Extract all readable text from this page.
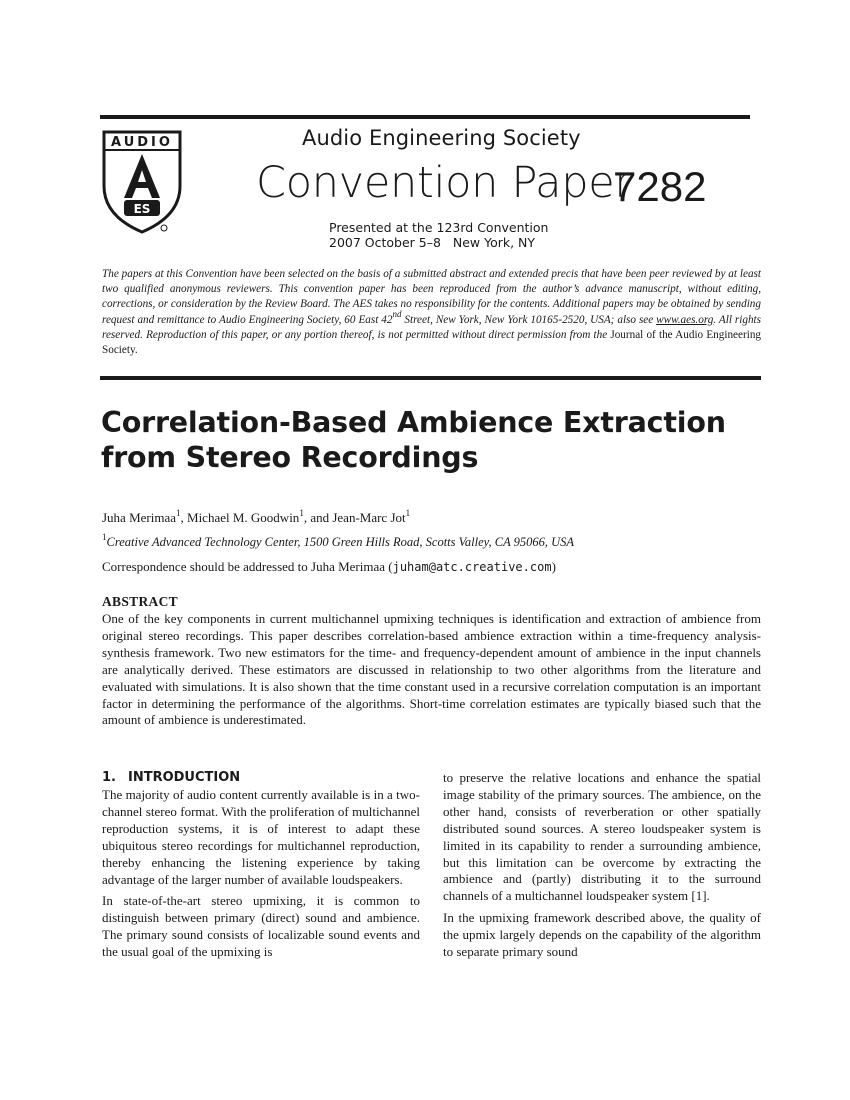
AUDIO
ES
Audio Engineering Society
Convention Paper
7282
Presented at the 123rd Convention
2007 October 5–8   New York, NY
The papers at this Convention have been selected on the basis of a submitted abstract and extended precis that have been peer reviewed by at least two qualified anonymous reviewers. This convention paper has been reproduced from the author’s advance manuscript, without editing, corrections, or consideration by the Review Board. The AES takes no responsibility for the contents. Additional papers may be obtained by sending request and remittance to Audio Engineering Society, 60 East 42nd Street, New York, New York 10165-2520, USA; also see www.aes.org. All rights reserved. Reproduction of this paper, or any portion thereof, is not permitted without direct permission from the Journal of the Audio Engineering Society.
Correlation-Based Ambience Extraction from Stereo Recordings
Juha Merimaa$^1$, Michael M. Goodwin$^1$, and Jean-Marc Jot$^1$
$^1$Creative Advanced Technology Center, 1500 Green Hills Road, Scotts Valley, CA 95066, USA
Correspondence should be addressed to Juha Merimaa (juham@atc.creative.com)
ABSTRACT
One of the key components in current multichannel upmixing techniques is identification and extraction of ambience from original stereo recordings. This paper describes correlation-based ambience extraction within a time-frequency analysis-synthesis framework. Two new estimators for the time- and frequency-dependent amount of ambience in the input channels are analytically derived. These estimators are discussed in relationship to two other algorithms from the literature and evaluated with simulations. It is also shown that the time constant used in a recursive correlation computation is an important factor in determining the performance of the algorithms. Short-time correlation estimates are typically biased such that the amount of ambience is underestimated.
1. INTRODUCTION

The majority of audio content currently available is in a two-channel stereo format. With the proliferation of multichannel reproduction systems, it is of interest to adapt these ubiquitous stereo recordings for multichannel reproduction, thereby enhancing the listening experience by taking advantage of the larger number of available loudspeakers.

In state-of-the-art stereo upmixing, it is common to distinguish between primary (direct) sound and ambience. The primary sound consists of localizable sound events and the usual goal of the upmixing is

to preserve the relative locations and enhance the spatial image stability of the primary sources. The ambience, on the other hand, consists of reverberation or other spatially distributed sound sources. A stereo loudspeaker system is limited in its capability to render a surrounding ambience, but this limitation can be overcome by extracting the ambience and (partly) distributing it to the surround channels of a multichannel loudspeaker system [1].

In the upmixing framework described above, the quality of the upmix largely depends on the capability of the algorithm to separate primary sound
